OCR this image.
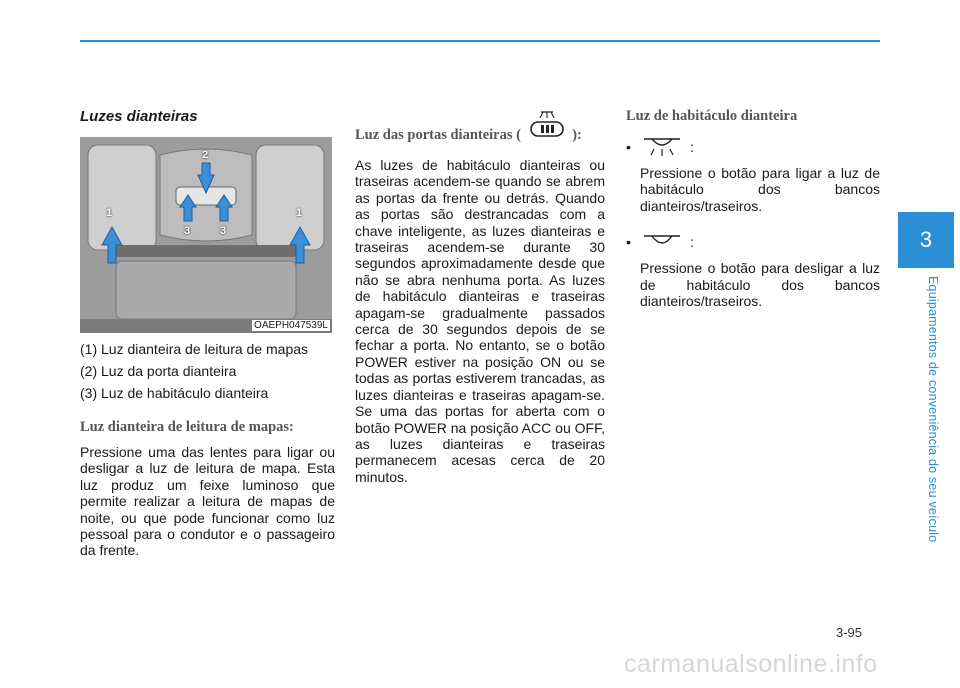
Luzes dianteiras
1
2
3	3
1
OAEPH047539L
(1) Luz dianteira de leitura de mapas
(2) Luz da porta dianteira
(3) Luz de habitáculo dianteira
Luz dianteira de leitura de mapas:

Pressione uma das lentes para ligar ou desligar a luz de leitura de mapa. Esta luz produz um feixe luminoso que permite realizar a leitura de mapas de noite, ou que pode funcionar como luz pessoal para o condutor e o passageiro da frente.

Luz das portas dianteiras (	):

As luzes de habitáculo dianteiras ou traseiras acendem-se quando se abrem as portas da frente ou detrás. Quando as portas são destrancadas com a chave inteligente, as luzes dianteiras e traseiras acendem-se durante 30 segundos aproximadamente desde que não se abra nenhuma porta. As luzes de habitáculo dianteiras e traseiras apagam-se gradualmente passados cerca de 30 segundos depois de se fechar a porta. No entanto, se o botão POWER estiver na posição ON ou se todas as portas estiverem trancadas, as luzes dianteiras e traseiras apagam-se. Se uma das portas for aberta com o botão POWER na posição ACC ou OFF, as luzes dianteiras e traseiras permanecem acesas cerca de 20 minutos.

Luz de habitáculo dianteira
•	:

Pressione o botão para ligar a luz de habitáculo dos bancos dianteiros/traseiros.

•	:

Pressione o botão para desligar a luz de habitáculo dos bancos dianteiros/traseiros.

3
Equipamentos de conveniência do seu veículo
3-95
carmanualsonline.info
